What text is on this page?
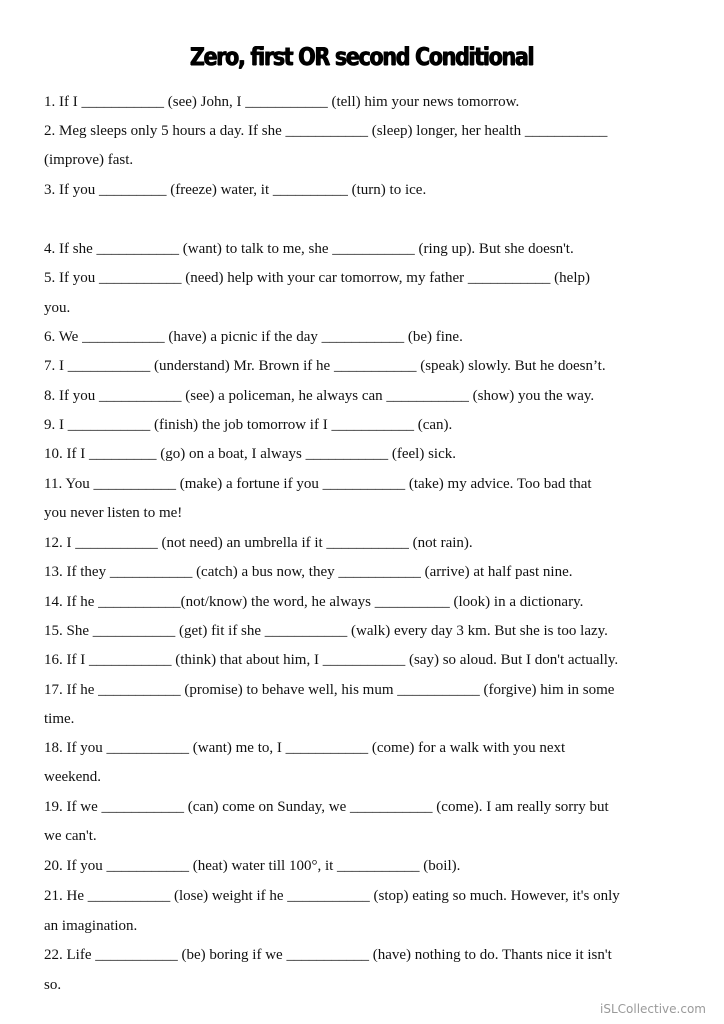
Zero, first OR second Conditional

1. If I ___________ (see) John, I ___________ (tell) him your news tomorrow.

2. Meg sleeps only 5 hours a day. If she ___________ (sleep) longer, her health ___________

(improve) fast.

3. If you _________ (freeze) water, it __________ (turn) to ice.

4. If she ___________ (want) to talk to me, she ___________ (ring up). But she doesn't.

5. If you ___________ (need) help with your car tomorrow, my father ___________ (help)

you.

6. We ___________ (have) a picnic if the day ___________ (be) fine.

7. I ___________ (understand) Mr. Brown if he ___________ (speak) slowly. But he doesn’t.

8. If you ___________ (see) a policeman, he always can ___________ (show) you the way.

9. I ___________ (finish) the job tomorrow if I ___________ (can).

10. If I _________ (go) on a boat, I always ___________ (feel) sick.

11. You ___________ (make) a fortune if you ___________ (take) my advice. Too bad that

you never listen to me!

12. I ___________ (not need) an umbrella if it ___________ (not rain).

13. If they ___________ (catch) a bus now, they ___________ (arrive) at half past nine.

14. If he ___________(not/know) the word, he always __________ (look) in a dictionary.

15. She ___________ (get) fit if she ___________ (walk) every day 3 km. But she is too lazy.

16. If I ___________ (think) that about him, I ___________ (say) so aloud. But I don't actually.

17. If he ___________ (promise) to behave well, his mum ___________ (forgive) him in some

time.

18. If you ___________ (want) me to, I ___________ (come) for a walk with you next

weekend.

19. If we ___________ (can) come on Sunday, we ___________ (come). I am really sorry but

we can't.

20. If you ___________ (heat) water till 100°, it ___________ (boil).

21. He ___________ (lose) weight if he ___________ (stop) eating so much. However, it's only

an imagination.

22. Life ___________ (be) boring if we ___________ (have) nothing to do. Thants nice it isn't

so.

iSLCollective.com
